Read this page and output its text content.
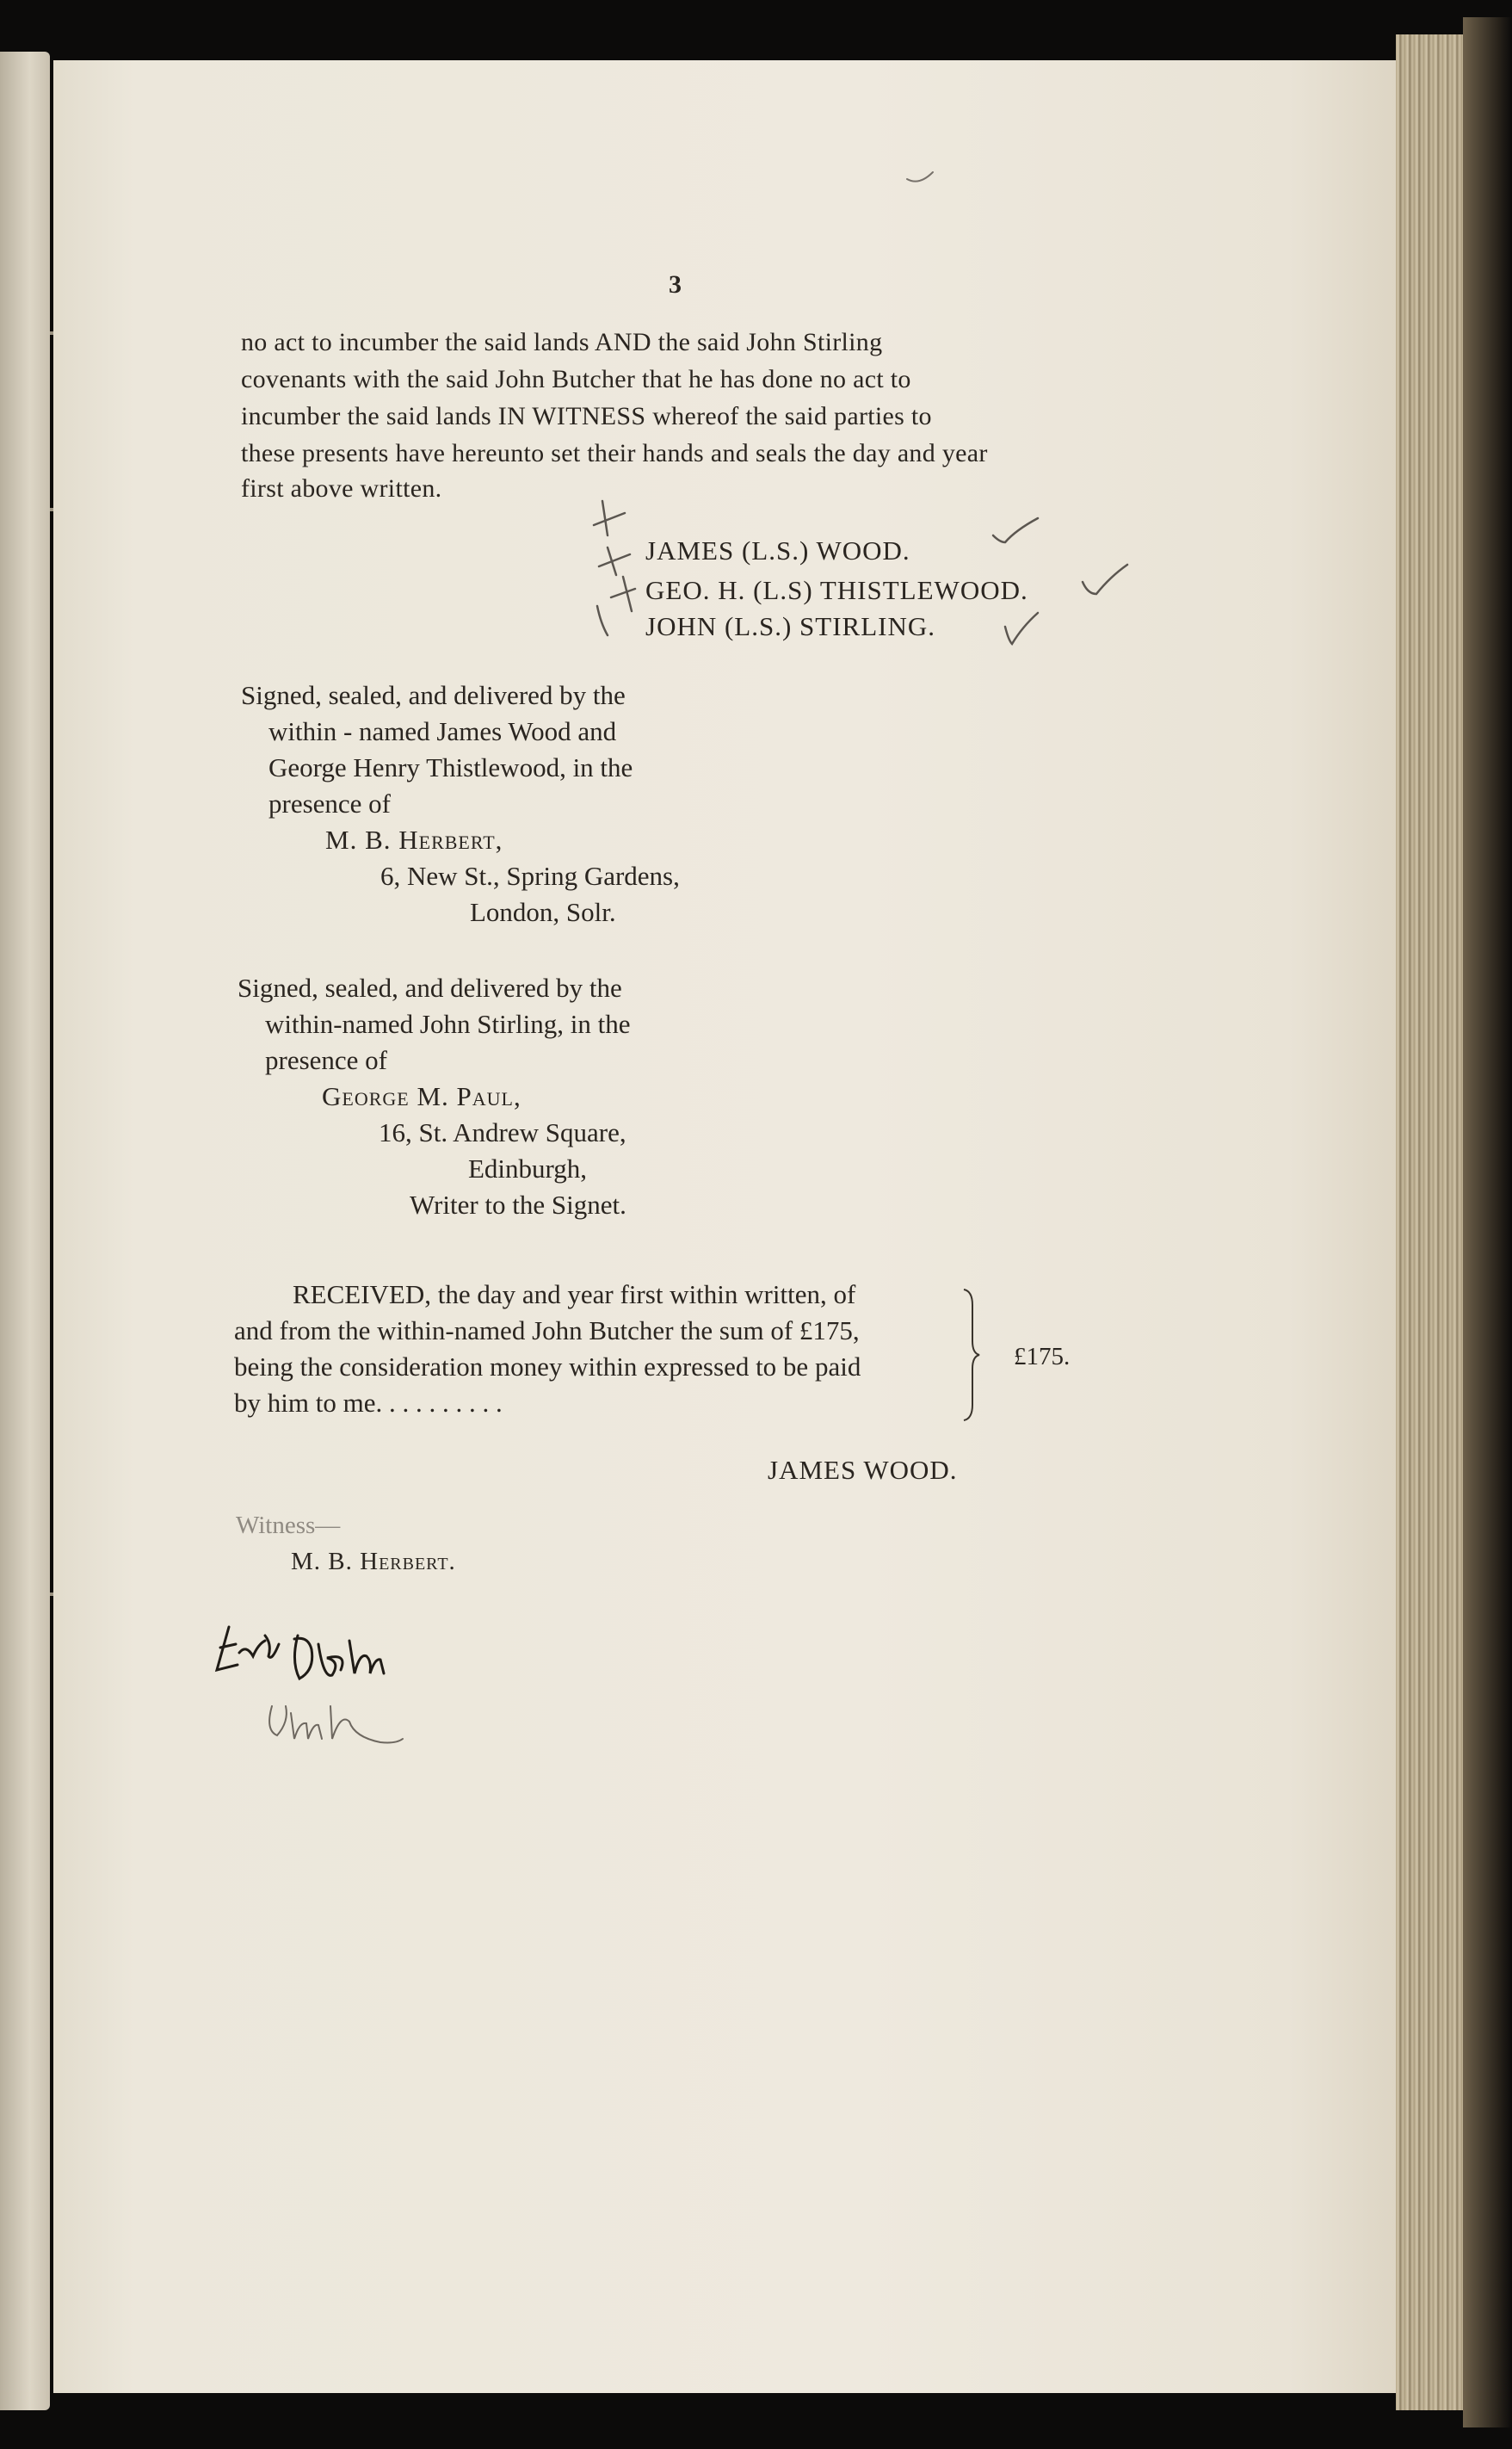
3
no act to incumber the said lands AND the said John Stirling
covenants with the said John Butcher that he has done no act to
incumber the said lands IN WITNESS whereof the said parties to
these presents have hereunto set their hands and seals the day and year
first above written.
JAMES (L.S.) WOOD.
GEO. H. (L.S) THISTLEWOOD.
JOHN (L.S.) STIRLING.
Signed, sealed, and delivered by the
within - named James Wood and
George Henry Thistlewood, in the
presence of
M. B. Herbert,
6, New St., Spring Gardens,
London, Solr.
Signed, sealed, and delivered by the
within-named John Stirling, in the
presence of
George M. Paul,
16, St. Andrew Square,
Edinburgh,
Writer to the Signet.
RECEIVED, the day and year first within written, of
and from the within-named John Butcher the sum of £175,
being the consideration money within expressed to be paid
by him to me. . . . . . . . . .
£175.
JAMES WOOD.
Witness—
M. B. Herbert.
